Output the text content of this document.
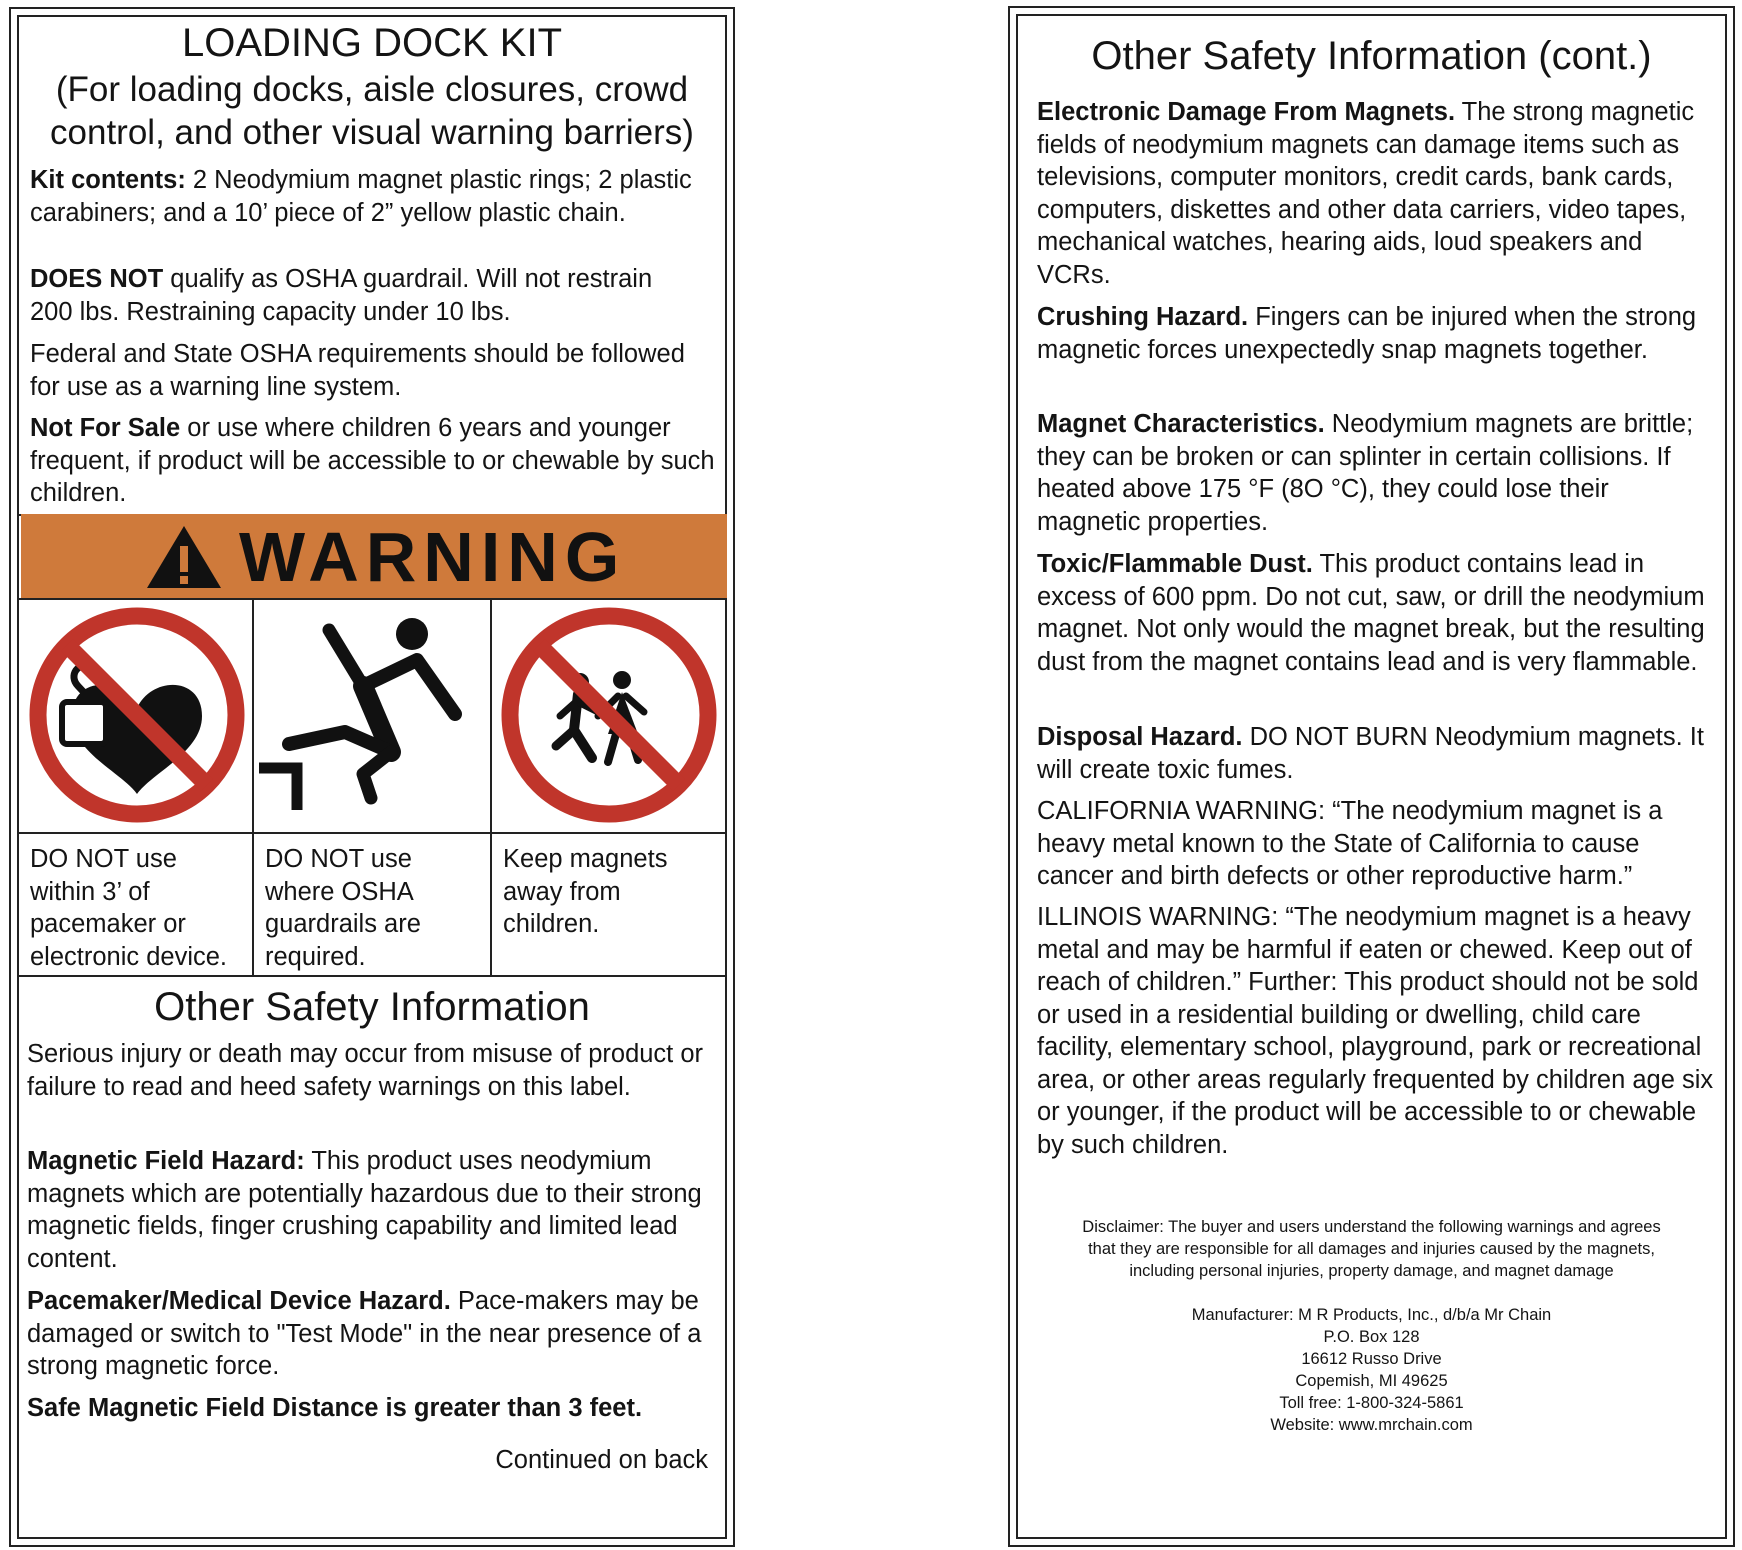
LOADING DOCK KIT
(For loading docks, aisle closures, crowd
control, and other visual warning barriers)
Kit contents: 2 Neodymium magnet plastic rings; 2 plastic carabiners; and a 10’ piece of 2” yellow plastic chain.
DOES NOT qualify as OSHA guardrail. Will not restrain 200 lbs. Restraining capacity under 10 lbs.
Federal and State OSHA requirements should be followed for use as a warning line system.
Not For Sale or use where children 6 years and younger frequent, if product will be accessible to or chewable by such children.
WARNING
DO NOT use within 3’ of pacemaker or electronic device.
DO NOT use where OSHA guardrails are required.
Keep magnets away from children.
Other Safety Information
Serious injury or death may occur from misuse of product or failure to read and heed safety warnings on this label.
Magnetic Field Hazard: This product uses neodymium magnets which are potentially hazardous due to their strong magnetic fields, finger crushing capability and limited lead content.
Pacemaker/Medical Device Hazard. Pace-makers may be damaged or switch to "Test Mode" in the near presence of a strong magnetic force.
Safe Magnetic Field Distance is greater than 3 feet.
Continued on back
Other Safety Information (cont.)
Electronic Damage From Magnets. The strong magnetic fields of neodymium magnets can damage items such as televisions, computer monitors, credit cards, bank cards, computers, diskettes and other data carriers, video tapes, mechanical watches, hearing aids, loud speakers and VCRs.
Crushing Hazard. Fingers can be injured when the strong magnetic forces unexpectedly snap magnets together.
Magnet Characteristics. Neodymium magnets are brittle; they can be broken or can splinter in certain collisions. If heated above 175 °F (8O °C), they could lose their magnetic properties.
Toxic/Flammable Dust. This product contains lead in excess of 600 ppm. Do not cut, saw, or drill the neodymium magnet. Not only would the magnet break, but the resulting dust from the magnet contains lead and is very flammable.
Disposal Hazard. DO NOT BURN Neodymium magnets. It will create toxic fumes.
CALIFORNIA WARNING: “The neodymium magnet is a heavy metal known to the State of California to cause cancer and birth defects or other reproductive harm.”
ILLINOIS WARNING: “The neodymium magnet is a heavy metal and may be harmful if eaten or chewed. Keep out of reach of children.” Further: This product should not be sold or used in a residential building or dwelling, child care facility, elementary school, playground, park or recreational area, or other areas regularly frequented by children age six or younger, if the product will be accessible to or chewable by such children.
Disclaimer: The buyer and users understand the following warnings and agrees
that they are responsible for all damages and injuries caused by the magnets,
including personal injuries, property damage, and magnet damage
Manufacturer: M R Products, Inc., d/b/a Mr Chain
P.O. Box 128
16612 Russo Drive
Copemish, MI 49625
Toll free: 1-800-324-5861
Website: www.mrchain.com
